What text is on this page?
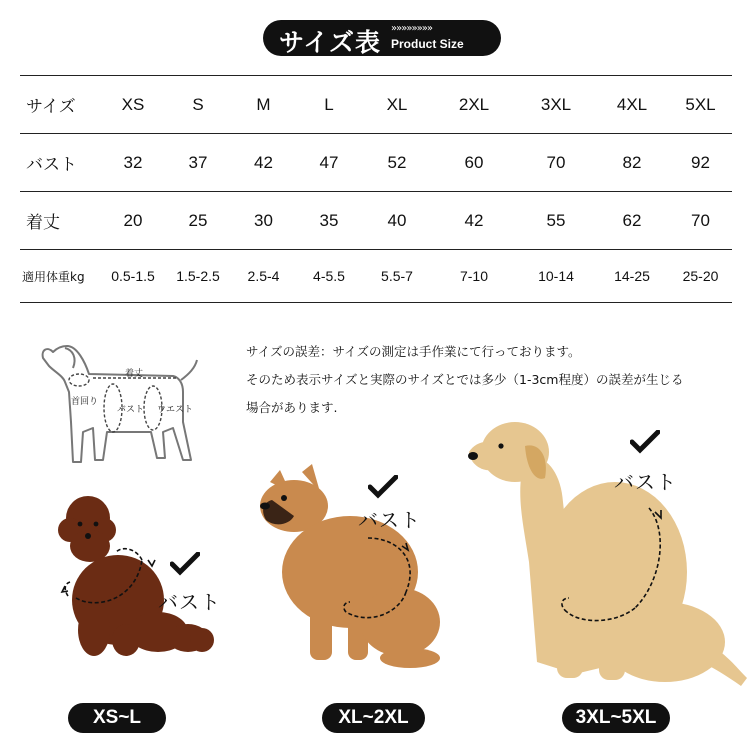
サイズ表 »»»»»»»»
Product Size
サイズ	XS	S	M	L	XL	2XL	3XL	4XL	5XL
バスト	32	37	42	47	52	60	70	82	92
着丈	20	25	30	35	40	42	55	62	70
適用体重kg	0.5-1.5	1.5-2.5	2.5-4	4-5.5	5.5-7	7-10	10-14	14-25	25-20
着丈
首回り
バスト ウエスト

サイズの誤差：サイズの測定は手作業にて行っております。

そのため表示サイズと実際のサイズとでは多少（1-3cm程度）の誤差が生じる

場合があります.

バスト
バスト
バスト
XS~L	XL~2XL	3XL~5XL
